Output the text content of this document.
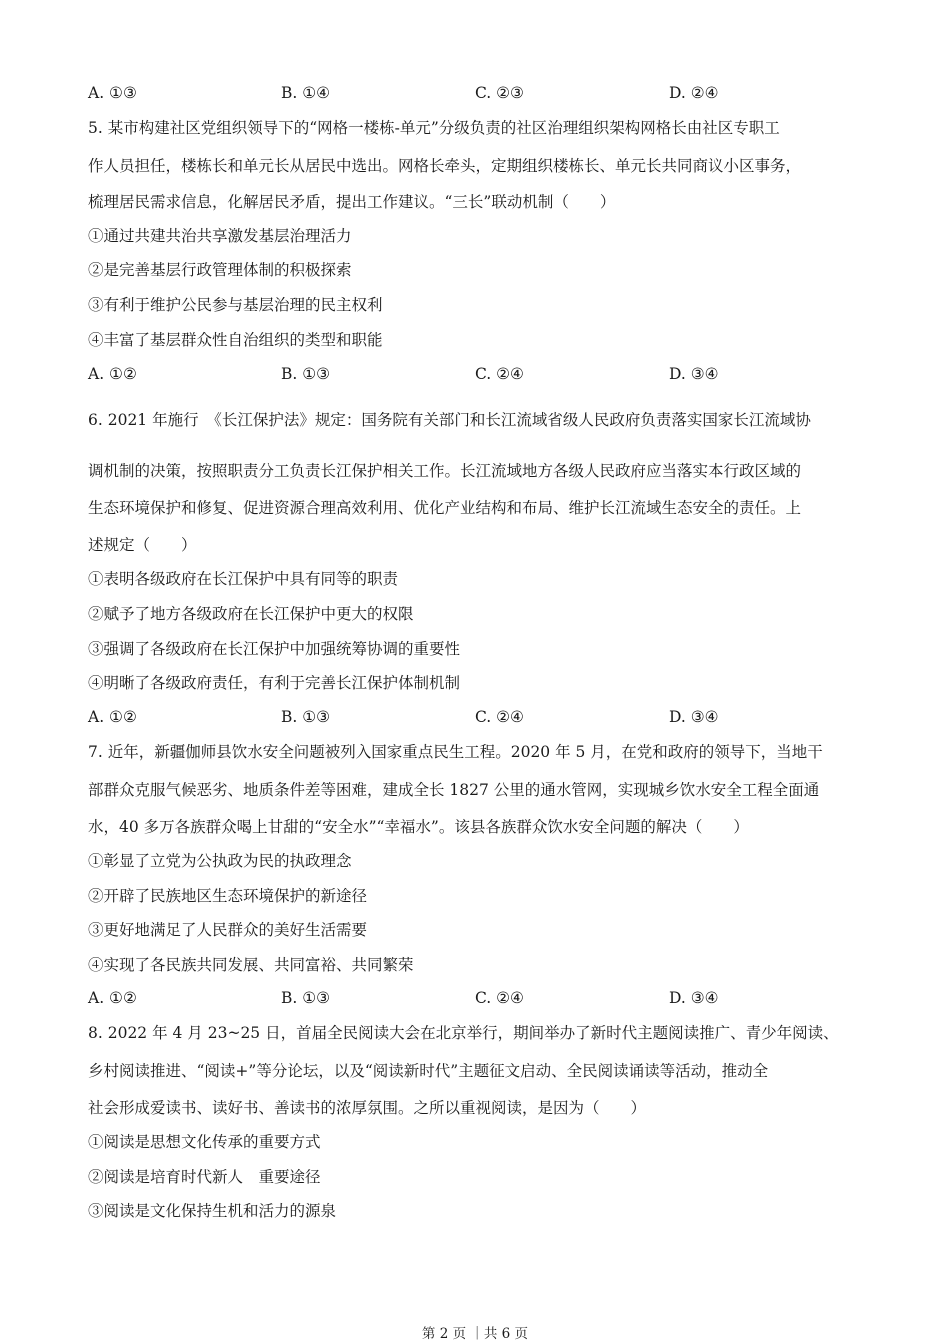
A. ①③	B. ①④	C. ②③	D. ②④
5. 某市构建社区党组织领导下的“网格一楼栋-单元”分级负责的社区治理组织架构网格长由社区专职工
作人员担任，楼栋长和单元长从居民中选出。网格长牵头，定期组织楼栋长、单元长共同商议小区事务，
梳理居民需求信息，化解居民矛盾，提出工作建议。“三长”联动机制（　　）
①通过共建共治共享激发基层治理活力
②是完善基层行政管理体制的积极探索
③有利于维护公民参与基层治理的民主权利
④丰富了基层群众性自治组织的类型和职能
A. ①②	B. ①③	C. ②④	D. ③④
6. 2021 年施行　《长江保护法》规定：国务院有关部门和长江流域省级人民政府负责落实国家长江流域协
调机制的决策，按照职责分工负责长江保护相关工作。长江流域地方各级人民政府应当落实本行政区域的
生态环境保护和修复、促进资源合理高效利用、优化产业结构和布局、维护长江流域生态安全的责任。上
述规定（　　）
①表明各级政府在长江保护中具有同等的职责
②赋予了地方各级政府在长江保护中更大的权限
③强调了各级政府在长江保护中加强统筹协调的重要性
④明晰了各级政府责任，有利于完善长江保护体制机制
A. ①②	B. ①③	C. ②④	D. ③④
7. 近年，新疆伽师县饮水安全问题被列入国家重点民生工程。2020 年 5 月，在党和政府的领导下，当地干
部群众克服气候恶劣、地质条件差等困难，建成全长 1827 公里的通水管网，实现城乡饮水安全工程全面通
水，40 多万各族群众喝上甘甜的“安全水”“幸福水”。该县各族群众饮水安全问题的解决（　　）
①彰显了立党为公执政为民的执政理念
②开辟了民族地区生态环境保护的新途径
③更好地满足了人民群众的美好生活需要
④实现了各民族共同发展、共同富裕、共同繁荣
A. ①②	B. ①③	C. ②④	D. ③④
8. 2022 年 4 月 23~25 日，首届全民阅读大会在北京举行，期间举办了新时代主题阅读推广、青少年阅读、
乡村阅读推进、“阅读+”等分论坛，以及“阅读新时代”主题征文启动、全民阅读诵读等活动，推动全
社会形成爱读书、读好书、善读书的浓厚氛围。之所以重视阅读，是因为（　　）
①阅读是思想文化传承的重要方式
②阅读是培育时代新人　重要途径
③阅读是文化保持生机和活力的源泉
第 2 页 ｜共 6 页
